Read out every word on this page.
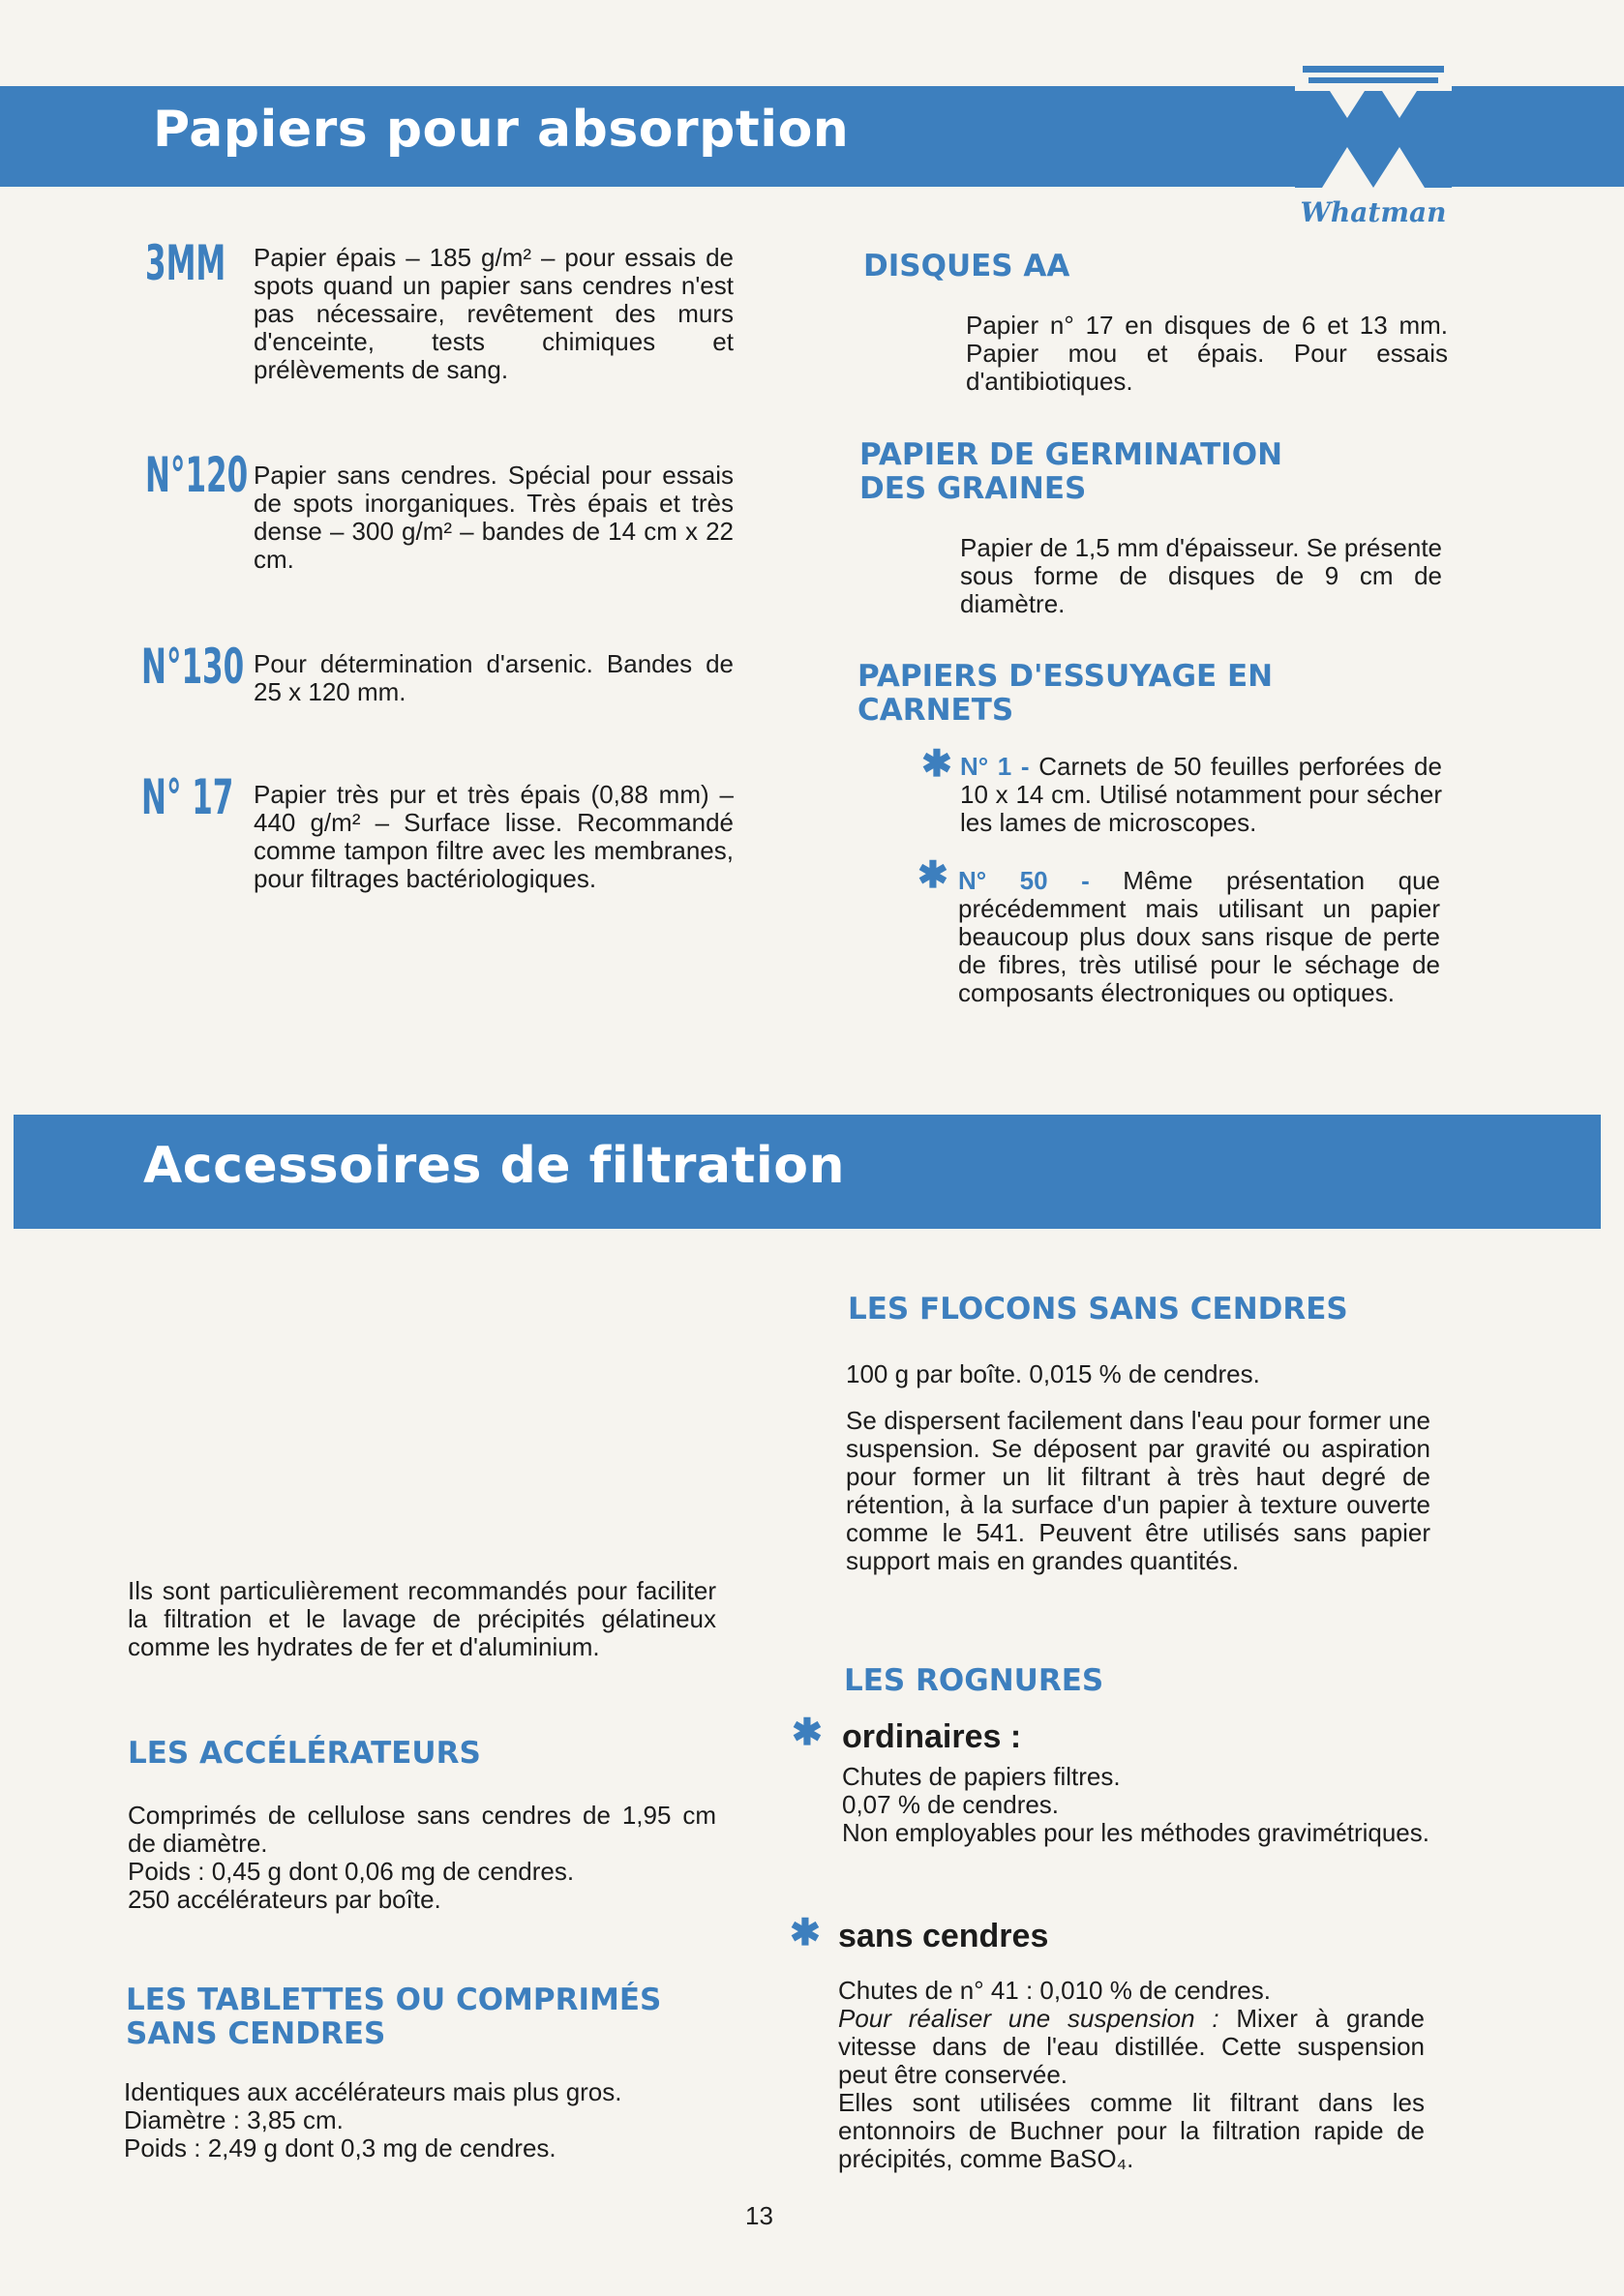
Papiers pour absorption
Whatman
3MM Papier épais – 185 g/m² – pour essais de spots quand un papier sans cendres n'est pas nécessaire, revêtement des murs d'enceinte, tests chimiques et prélèvements de sang.

N°120 Papier sans cendres. Spécial pour essais de spots inorganiques. Très épais et très dense – 300 g/m² – bandes de 14 cm x 22 cm.

N°130 Pour détermination d'arsenic. Bandes de 25 x 120 mm.

N° 17 Papier très pur et très épais (0,88 mm) – 440 g/m² – Surface lisse. Recommandé comme tampon filtre avec les membranes, pour filtrages bactériologiques.

DISQUES AA

Papier n° 17 en disques de 6 et 13 mm. Papier mou et épais. Pour essais d'antibiotiques.

PAPIER DE GERMINATION DES GRAINES

Papier de 1,5 mm d'épaisseur. Se présente sous forme de disques de 9 cm de diamètre.

PAPIERS D'ESSUYAGE EN CARNETS
✱ N° 1 - Carnets de 50 feuilles perforées de 10 x 14 cm. Utilisé notamment pour sécher les lames de microscopes.

✱ N° 50 - Même présentation que précédemment mais utilisant un papier beaucoup plus doux sans risque de perte de fibres, très utilisé pour le séchage de composants électroniques ou optiques.

Accessoires de filtration

Ils sont particulièrement recommandés pour faciliter la filtration et le lavage de précipités gélatineux comme les hydrates de fer et d'aluminium.

LES ACCÉLÉRATEURS
Comprimés de cellulose sans cendres de 1,95 cm de diamètre.
Poids : 0,45 g dont 0,06 mg de cendres.
250 accélérateurs par boîte.
LES TABLETTES OU COMPRIMÉS SANS CENDRES
Identiques aux accélérateurs mais plus gros.
Diamètre : 3,85 cm.
Poids : 2,49 g dont 0,3 mg de cendres.
LES FLOCONS SANS CENDRES

100 g par boîte. 0,015 % de cendres.

Se dispersent facilement dans l'eau pour former une suspension. Se déposent par gravité ou aspiration pour former un lit filtrant à très haut degré de rétention, à la surface d'un papier à texture ouverte comme le 541. Peuvent être utilisés sans papier support mais en grandes quantités.

LES ROGNURES
✱ ordinaires :

Chutes de papiers filtres.
0,07 % de cendres.
Non employables pour les méthodes gravimétriques.
✱ sans cendres

Chutes de n° 41 : 0,010 % de cendres.
Pour réaliser une suspension : Mixer à grande vitesse dans de l'eau distillée. Cette suspension peut être conservée.
Elles sont utilisées comme lit filtrant dans les entonnoirs de Buchner pour la filtration rapide de précipités, comme BaSO₄.
13
